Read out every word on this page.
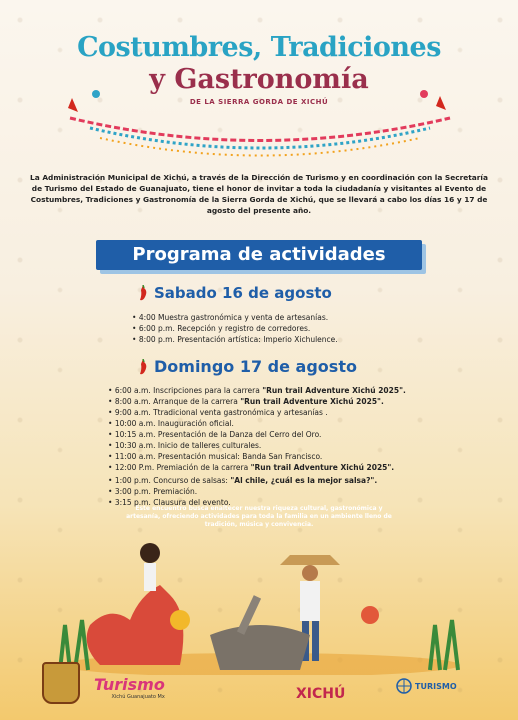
Costumbres, Tradiciones
y Gastronomía
DE LA SIERRA GORDA DE XICHÚ
La Administración Municipal de Xichú, a través de la Dirección de Turismo y en coordinación con la Secretaría de Turismo del Estado de Guanajuato, tiene el honor de invitar a toda la ciudadanía y visitantes al Evento de Costumbres, Tradiciones y Gastronomía de la Sierra Gorda de Xichú, que se llevará a cabo los días 16 y 17 de agosto del presente año.
Programa de actividades
Sabado 16 de agosto
• 4:00 Muestra gastronómica y venta de artesanías.
• 6:00 p.m. Recepción y registro de corredores.
• 8:00 p.m. Presentación artística: Imperio Xichulence.
Domingo 17 de agosto
• 6:00 a.m. Inscripciones para la carrera "Run trail Adventure Xichú 2025".
• 8:00 a.m. Arranque de la carrera "Run trail Adventure Xichú 2025".
• 9:00 a.m. Ttradicional venta gastronómica y artesanías .
• 10:00 a.m. Inauguración oficial.
• 10:15 a.m. Presentación de la Danza del Cerro del Oro.
• 10:30 a.m. Inicio de talleres culturales.
• 11:00 a.m. Presentación musical: Banda San Francisco.
• 12:00 P.m. Premiación de la carrera "Run trail Adventure Xichú 2025".
• 1:00 p.m. Concurso de salsas: "Al chile, ¿cuál es la mejor salsa?".
• 3:00 p.m. Premiación.
• 3:15 p.m. Clausura del evento.
Este encuentro busca enaltecer nuestra riqueza cultural, gastronómica y artesanía, ofreciendo actividades para toda la familia en un ambiente lleno de tradición, música y convivencia.
Turismo
Xichú Guanajuato Mx	XICHÚ	TURISMO
